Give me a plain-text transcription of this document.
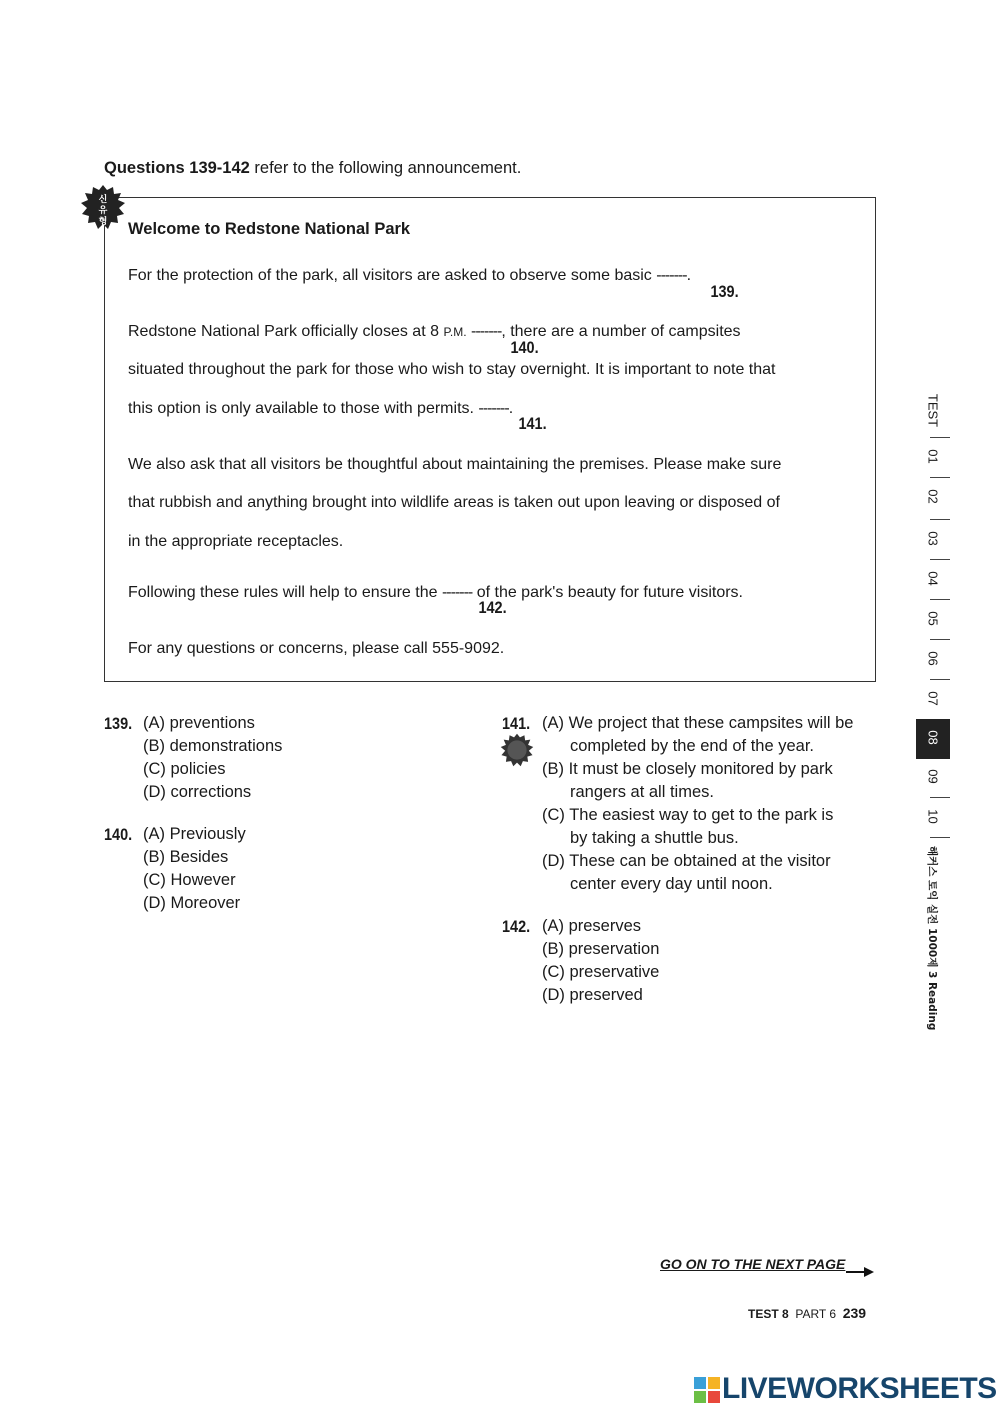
Questions 139-142 refer to the following announcement.
신
유
형 Welcome to Redstone National Park
For the protection of the park, all visitors are asked to observe some basic -------.
139.
Redstone National Park officially closes at 8 P.M. -------, there are a number of campsites
140.
situated throughout the park for those who wish to stay overnight. It is important to note that
this option is only available to those with permits. -------.
141.
We also ask that all visitors be thoughtful about maintaining the premises. Please make sure
that rubbish and anything brought into wildlife areas is taken out upon leaving or disposed of
in the appropriate receptacles.
Following these rules will help to ensure the ------- of the park's beauty for future visitors.
142.
For any questions or concerns, please call 555-9092.
139. (A) preventions
(B) demonstrations
(C) policies
(D) corrections
140. (A) Previously
(B) Besides
(C) However
(D) Moreover
141. (A) We project that these campsites will be
completed by the end of the year.
(B) It must be closely monitored by park
rangers at all times.
(C) The easiest way to get to the park is
by taking a shuttle bus.
(D) These can be obtained at the visitor
center every day until noon.
142. (A) preserves
(B) preservation
(C) preservative
(D) preserved
TEST
01
02
03
04
05
06
07
08
09
10
해커스 토익 실전 1000제 3 Reading
GO ON TO THE NEXT PAGE
TEST 8 PART 6 239
LIVEWORKSHEETS
